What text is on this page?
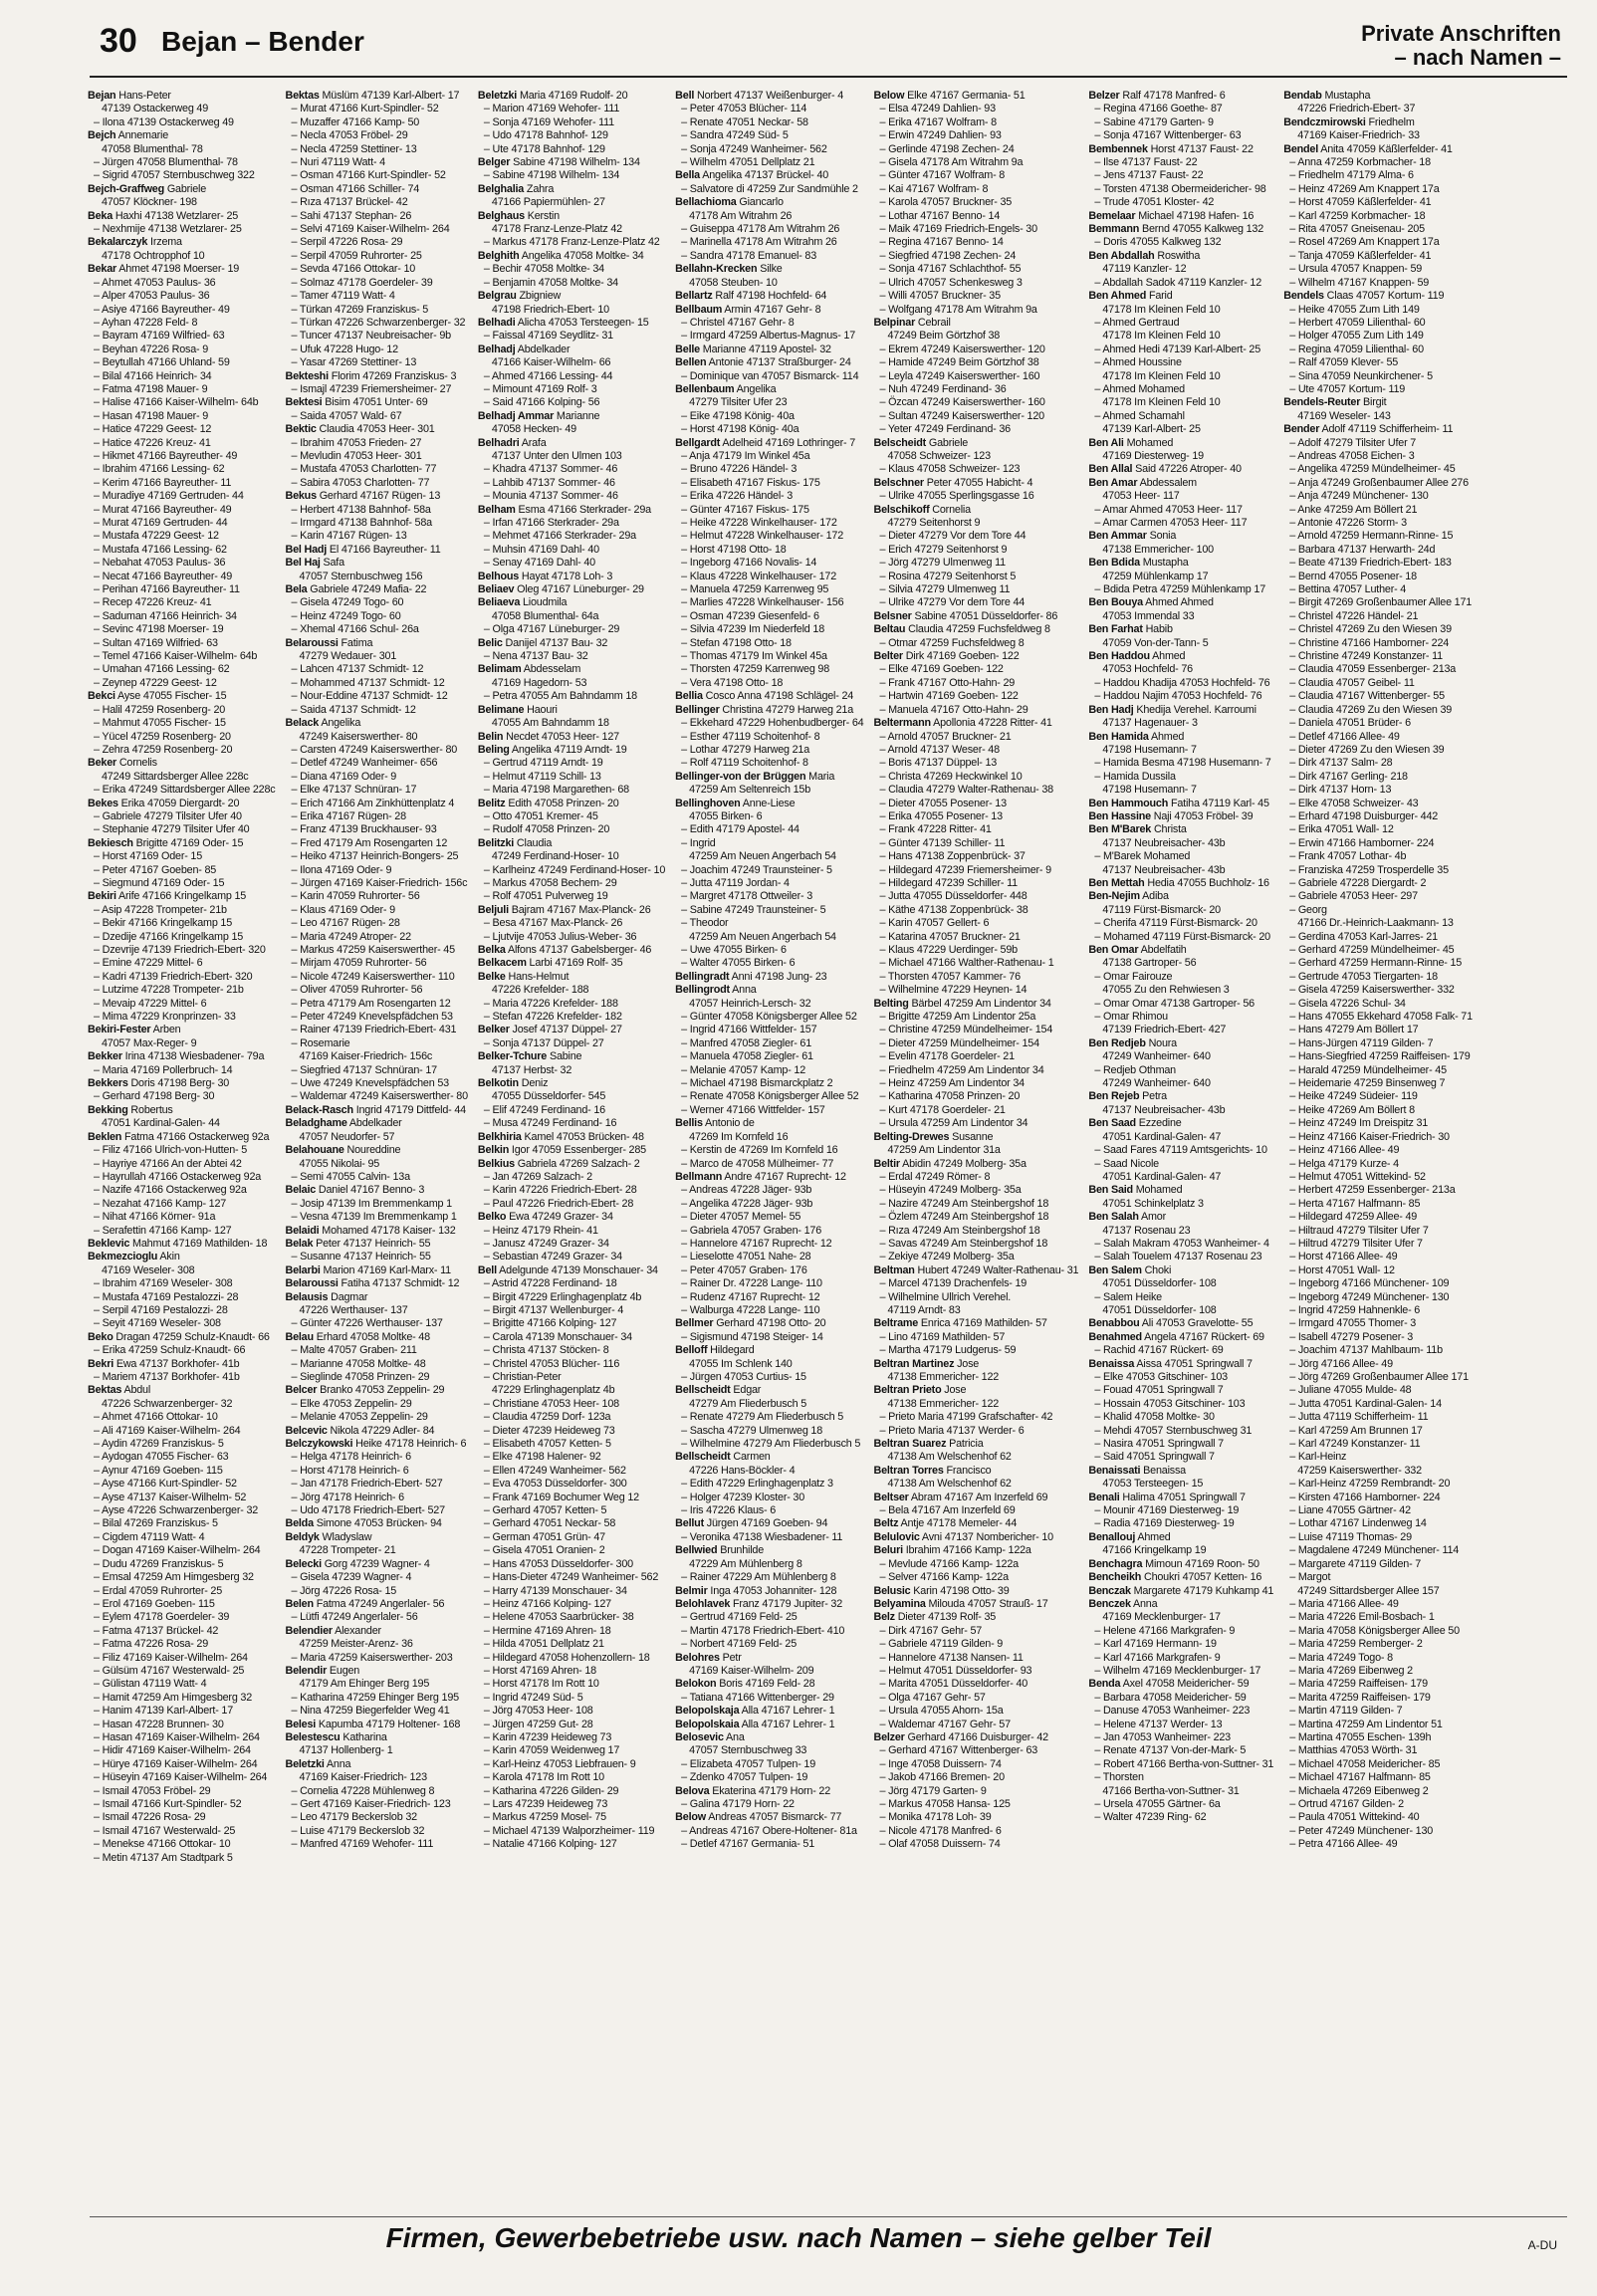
30 Bejan – Bender	Private Anschriften
– nach Namen –
Bejan Hans-Peter
47139 Ostackerweg 49
– Ilona 47139 Ostackerweg 49
Bejch Annemarie
47058 Blumenthal- 78
– Jürgen 47058 Blumenthal- 78
– Sigrid 47057 Sternbuschweg 322
Bejch-Graffweg Gabriele
47057 Klöckner- 198
Beka Haxhi 47138 Wetzlarer- 25
– Nexhmije 47138 Wetzlarer- 25
Bekalarczyk Irzema
47178 Ochtropphof 10
Bekar Ahmet 47198 Moerser- 19
– Ahmet 47053 Paulus- 36
– Alper 47053 Paulus- 36
– Asiye 47166 Bayreuther- 49
– Ayhan 47228 Feld- 8
– Bayram 47169 Wilfried- 63
– Beyhan 47226 Rosa- 9
– Beytullah 47166 Uhland- 59
– Bilal 47166 Heinrich- 34
– Fatma 47198 Mauer- 9
– Halise 47166 Kaiser-Wilhelm- 64b
– Hasan 47198 Mauer- 9
– Hatice 47229 Geest- 12
– Hatice 47226 Kreuz- 41
– Hikmet 47166 Bayreuther- 49
– Ibrahim 47166 Lessing- 62
– Kerim 47166 Bayreuther- 11
– Muradiye 47169 Gertruden- 44
– Murat 47166 Bayreuther- 49
– Murat 47169 Gertruden- 44
– Mustafa 47229 Geest- 12
– Mustafa 47166 Lessing- 62
– Nebahat 47053 Paulus- 36
– Necat 47166 Bayreuther- 49
– Perihan 47166 Bayreuther- 11
– Recep 47226 Kreuz- 41
– Saduman 47166 Heinrich- 34
– Sevinc 47198 Moerser- 19
– Sultan 47169 Wilfried- 63
– Temel 47166 Kaiser-Wilhelm- 64b
– Umahan 47166 Lessing- 62
– Zeynep 47229 Geest- 12
Bekci Ayse 47055 Fischer- 15
– Halil 47259 Rosenberg- 20
– Mahmut 47055 Fischer- 15
– Yücel 47259 Rosenberg- 20
– Zehra 47259 Rosenberg- 20
Beker Cornelis
47249 Sittardsberger Allee 228c
– Erika 47249 Sittardsberger Allee 228c
Bekes Erika 47059 Diergardt- 20
– Gabriele 47279 Tilsiter Ufer 40
– Stephanie 47279 Tilsiter Ufer 40
Bekiesch Brigitte 47169 Oder- 15
– Horst 47169 Oder- 15
– Peter 47167 Goeben- 85
– Siegmund 47169 Oder- 15
Bekiri Arife 47166 Kringelkamp 15
– Asip 47228 Trompeter- 21b
– Bekir 47166 Kringelkamp 15
– Dzedije 47166 Kringelkamp 15
– Dzevrije 47139 Friedrich-Ebert- 320
– Emine 47229 Mittel- 6
– Kadri 47139 Friedrich-Ebert- 320
– Lutzime 47228 Trompeter- 21b
– Mevaip 47229 Mittel- 6
– Mima 47229 Kronprinzen- 33
Bekiri-Fester Arben
47057 Max-Reger- 9
Bekker Irina 47138 Wiesbadener- 79a
– Maria 47169 Pollerbruch- 14
Bekkers Doris 47198 Berg- 30
– Gerhard 47198 Berg- 30
Bekking Robertus
47051 Kardinal-Galen- 44
Beklen Fatma 47166 Ostackerweg 92a
– Filiz 47166 Ulrich-von-Hutten- 5
– Hayriye 47166 An der Abtei 42
– Hayrullah 47166 Ostackerweg 92a
– Nazife 47166 Ostackerweg 92a
– Nezahat 47166 Kamp- 127
– Nihat 47166 Körner- 91a
– Serafettin 47166 Kamp- 127
Beklevic Mahmut 47169 Mathilden- 18
Bekmezcioglu Akin
47169 Weseler- 308
– Ibrahim 47169 Weseler- 308
– Mustafa 47169 Pestalozzi- 28
– Serpil 47169 Pestalozzi- 28
– Seyit 47169 Weseler- 308
Beko Dragan 47259 Schulz-Knaudt- 66
– Erika 47259 Schulz-Knaudt- 66
Bekri Ewa 47137 Borkhofer- 41b
– Mariem 47137 Borkhofer- 41b
Bektas Abdul
47226 Schwarzenberger- 32
– Ahmet 47166 Ottokar- 10
– Ali 47169 Kaiser-Wilhelm- 264
– Aydin 47269 Franziskus- 5
– Aydogan 47055 Fischer- 63
– Aynur 47169 Goeben- 115
– Ayse 47166 Kurt-Spindler- 52
– Ayse 47137 Kaiser-Wilhelm- 52
– Ayse 47226 Schwarzenberger- 32
– Bilal 47269 Franziskus- 5
– Cigdem 47119 Watt- 4
– Dogan 47169 Kaiser-Wilhelm- 264
– Dudu 47269 Franziskus- 5
– Emsal 47259 Am Himgesberg 32
– Erdal 47059 Ruhrorter- 25
– Erol 47169 Goeben- 115
– Eylem 47178 Goerdeler- 39
– Fatma 47137 Brückel- 42
– Fatma 47226 Rosa- 29
– Filiz 47169 Kaiser-Wilhelm- 264
– Gülsüm 47167 Westerwald- 25
– Gülistan 47119 Watt- 4
– Hamit 47259 Am Himgesberg 32
– Hanim 47139 Karl-Albert- 17
– Hasan 47228 Brunnen- 30
– Hasan 47169 Kaiser-Wilhelm- 264
– Hidir 47169 Kaiser-Wilhelm- 264
– Hürye 47169 Kaiser-Wilhelm- 264
– Hüseyin 47169 Kaiser-Wilhelm- 264
– Ismail 47053 Fröbel- 29
– Ismail 47166 Kurt-Spindler- 52
– Ismail 47226 Rosa- 29
– Ismail 47167 Westerwald- 25
– Menekse 47166 Ottokar- 10
– Metin 47137 Am Stadtpark 5
Bektas Müslüm 47139 Karl-Albert- 17
– Murat 47166 Kurt-Spindler- 52
– Muzaffer 47166 Kamp- 50
– Necla 47053 Fröbel- 29
– Necla 47259 Stettiner- 13
– Nuri 47119 Watt- 4
– Osman 47166 Kurt-Spindler- 52
– Osman 47166 Schiller- 74
– Rıza 47137 Brückel- 42
– Sahi 47137 Stephan- 26
– Selvi 47169 Kaiser-Wilhelm- 264
– Serpil 47226 Rosa- 29
– Serpil 47059 Ruhrorter- 25
– Sevda 47166 Ottokar- 10
– Solmaz 47178 Goerdeler- 39
– Tamer 47119 Watt- 4
– Türkan 47269 Franziskus- 5
– Türkan 47226 Schwarzenberger- 32
– Tuncer 47137 Neubreisacher- 9b
– Ufuk 47228 Hugo- 12
– Yasar 47269 Stettiner- 13
Bekteshi Florim 47269 Franziskus- 3
– Ismajl 47239 Friemersheimer- 27
Bektesi Bisim 47051 Unter- 69
– Saida 47057 Wald- 67
Bektic Claudia 47053 Heer- 301
– Ibrahim 47053 Frieden- 27
– Mevludin 47053 Heer- 301
– Mustafa 47053 Charlotten- 77
– Sabira 47053 Charlotten- 77
Bekus Gerhard 47167 Rügen- 13
– Herbert 47138 Bahnhof- 58a
– Irmgard 47138 Bahnhof- 58a
– Karin 47167 Rügen- 13
Bel Hadj El 47166 Bayreuther- 11
Bel Haj Safa
47057 Sternbuschweg 156
Bela Gabriele 47249 Mafia- 22
– Gisela 47249 Togo- 60
– Heinz 47249 Togo- 60
– Xhemal 47166 Schul- 26a
Belaroussi Fatima
47279 Wedauer- 301
– Lahcen 47137 Schmidt- 12
– Mohammed 47137 Schmidt- 12
– Nour-Eddine 47137 Schmidt- 12
– Saida 47137 Schmidt- 12
Belack Angelika
47249 Kaiserswerther- 80
– Carsten 47249 Kaiserswerther- 80
– Detlef 47249 Wanheimer- 656
– Diana 47169 Oder- 9
– Elke 47137 Schnüran- 17
– Erich 47166 Am Zinkhüttenplatz 4
– Erika 47167 Rügen- 28
– Franz 47139 Bruckhauser- 93
– Fred 47179 Am Rosengarten 12
– Heiko 47137 Heinrich-Bongers- 25
– Ilona 47169 Oder- 9
– Jürgen 47169 Kaiser-Friedrich- 156c
– Karin 47059 Ruhrorter- 56
– Klaus 47169 Oder- 9
– Leo 47167 Rügen- 28
– Maria 47249 Atroper- 22
– Markus 47259 Kaiserswerther- 45
– Mirjam 47059 Ruhrorter- 56
– Nicole 47249 Kaiserswerther- 110
– Oliver 47059 Ruhrorter- 56
– Petra 47179 Am Rosengarten 12
– Peter 47249 Knevelspfädchen 53
– Rainer 47139 Friedrich-Ebert- 431
– Rosemarie
47169 Kaiser-Friedrich- 156c
– Siegfried 47137 Schnüran- 17
– Uwe 47249 Knevelspfädchen 53
– Waldemar 47249 Kaiserswerther- 80
Belack-Rasch Ingrid 47179 Dittfeld- 44
Beladghame Abdelkader
47057 Neudorfer- 57
Belahouane Noureddine
47055 Nikolai- 95
– Semi 47055 Calvin- 13a
Belaic Daniel 47167 Benno- 3
– Josip 47139 Im Bremmenkamp 1
– Vesna 47139 Im Bremmenkamp 1
Belaidi Mohamed 47178 Kaiser- 132
Belak Peter 47137 Heinrich- 55
– Susanne 47137 Heinrich- 55
Belarbi Marion 47169 Karl-Marx- 11
Belaroussi Fatiha 47137 Schmidt- 12
Belausis Dagmar
47226 Werthauser- 137
– Günter 47226 Werthauser- 137
Belau Erhard 47058 Moltke- 48
– Malte 47057 Graben- 211
– Marianne 47058 Moltke- 48
– Sieglinde 47058 Prinzen- 29
Belcer Branko 47053 Zeppelin- 29
– Elke 47053 Zeppelin- 29
– Melanie 47053 Zeppelin- 29
Belcevic Nikola 47229 Adler- 84
Belczykowski Heike 47178 Heinrich- 6
– Helga 47178 Heinrich- 6
– Horst 47178 Heinrich- 6
– Jan 47178 Friedrich-Ebert- 527
– Jörg 47178 Heinrich- 6
– Udo 47178 Friedrich-Ebert- 527
Belda Simone 47053 Brücken- 94
Beldyk Wladyslaw
47228 Trompeter- 21
Belecki Gorg 47239 Wagner- 4
– Gisela 47239 Wagner- 4
– Jörg 47226 Rosa- 15
Belen Fatma 47249 Angerlaler- 56
– Lütfi 47249 Angerlaler- 56
Belendier Alexander
47259 Meister-Arenz- 36
– Maria 47259 Kaiserswerther- 203
Belendir Eugen
47179 Am Ehinger Berg 195
– Katharina 47259 Ehinger Berg 195
– Nina 47259 Biegerfelder Weg 41
Belesi Kapumba 47179 Holtener- 168
Belestescu Katharina
47137 Hollenberg- 1
Beletzki Anna
47169 Kaiser-Friedrich- 123
– Cornelia 47228 Mühlenweg 8
– Gert 47169 Kaiser-Friedrich- 123
– Leo 47179 Beckerslob 32
– Luise 47179 Beckerslob 32
– Manfred 47169 Wehofer- 111
Beletzki Maria 47169 Rudolf- 20
– Marion 47169 Wehofer- 111
– Sonja 47169 Wehofer- 111
– Udo 47178 Bahnhof- 129
– Ute 47178 Bahnhof- 129
Belger Sabine 47198 Wilhelm- 134
– Sabine 47198 Wilhelm- 134
Belghalia Zahra
47166 Papiermühlen- 27
Belghaus Kerstin
47178 Franz-Lenze-Platz 42
– Markus 47178 Franz-Lenze-Platz 42
Belghith Angelika 47058 Moltke- 34
– Bechir 47058 Moltke- 34
– Benjamin 47058 Moltke- 34
Belgrau Zbigniew
47198 Friedrich-Ebert- 10
Belhadi Alicha 47053 Tersteegen- 15
– Faissal 47169 Seydlitz- 31
Belhadj Abdelkader
47166 Kaiser-Wilhelm- 66
– Ahmed 47166 Lessing- 44
– Mimount 47169 Rolf- 3
– Said 47166 Kolping- 56
Belhadj Ammar Marianne
47058 Hecken- 49
Belhadri Arafa
47137 Unter den Ulmen 103
– Khadra 47137 Sommer- 46
– Lahbib 47137 Sommer- 46
– Mounia 47137 Sommer- 46
Belham Esma 47166 Sterkrader- 29a
– Irfan 47166 Sterkrader- 29a
– Mehmet 47166 Sterkrader- 29a
– Muhsin 47169 Dahl- 40
– Senay 47169 Dahl- 40
Belhous Hayat 47178 Loh- 3
Beliaev Oleg 47167 Lüneburger- 29
Beliaeva Lioudmila
47058 Blumenthal- 64a
– Olga 47167 Lüneburger- 29
Belic Danijel 47137 Bau- 32
– Nena 47137 Bau- 32
Belimam Abdesselam
47169 Hagedorn- 53
– Petra 47055 Am Bahndamm 18
Belimane Haouri
47055 Am Bahndamm 18
Belin Necdet 47053 Heer- 127
Beling Angelika 47119 Arndt- 19
– Gertrud 47119 Arndt- 19
– Helmut 47119 Schill- 13
– Maria 47198 Margarethen- 68
Belitz Edith 47058 Prinzen- 20
– Otto 47051 Kremer- 45
– Rudolf 47058 Prinzen- 20
Belitzki Claudia
47249 Ferdinand-Hoser- 10
– Karlheinz 47249 Ferdinand-Hoser- 10
– Markus 47058 Bechem- 29
– Rolf 47051 Pulverweg 19
Beljuli Bajram 47167 Max-Planck- 26
– Besa 47167 Max-Planck- 26
– Ljutvije 47053 Julius-Weber- 36
Belka Alfons 47137 Gabelsberger- 46
Belkacem Larbi 47169 Rolf- 35
Belke Hans-Helmut
47226 Krefelder- 188
– Maria 47226 Krefelder- 188
– Stefan 47226 Krefelder- 182
Belker Josef 47137 Düppel- 27
– Sonja 47137 Düppel- 27
Belker-Tchure Sabine
47137 Herbst- 32
Belkotin Deniz
47055 Düsseldorfer- 545
– Elif 47249 Ferdinand- 16
– Musa 47249 Ferdinand- 16
Belkhiria Kamel 47053 Brücken- 48
Belkin Igor 47059 Essenberger- 285
Belkius Gabriela 47269 Salzach- 2
– Jan 47269 Salzach- 2
– Karin 47226 Friedrich-Ebert- 28
– Paul 47226 Friedrich-Ebert- 28
Belko Ewa 47249 Grazer- 34
– Heinz 47179 Rhein- 41
– Janusz 47249 Grazer- 34
– Sebastian 47249 Grazer- 34
Bell Adelgunde 47139 Monschauer- 34
– Astrid 47228 Ferdinand- 18
– Birgit 47229 Erlinghagenplatz 4b
– Birgit 47137 Wellenburger- 4
– Brigitte 47166 Kolping- 127
– Carola 47139 Monschauer- 34
– Christa 47137 Stöcken- 8
– Christel 47053 Blücher- 116
– Christian-Peter
47229 Erlinghagenplatz 4b
– Christiane 47053 Heer- 108
– Claudia 47259 Dorf- 123a
– Dieter 47239 Heideweg 73
– Elisabeth 47057 Ketten- 5
– Elke 47198 Halener- 92
– Ellen 47249 Wanheimer- 562
– Eva 47053 Düsseldorfer- 300
– Frank 47169 Bochumer Weg 12
– Gerhard 47057 Ketten- 5
– Gerhard 47051 Neckar- 58
– German 47051 Grün- 47
– Gisela 47051 Oranien- 2
– Hans 47053 Düsseldorfer- 300
– Hans-Dieter 47249 Wanheimer- 562
– Harry 47139 Monschauer- 34
– Heinz 47166 Kolping- 127
– Helene 47053 Saarbrücker- 38
– Hermine 47169 Ahren- 18
– Hilda 47051 Dellplatz 21
– Hildegard 47058 Hohenzollern- 18
– Horst 47169 Ahren- 18
– Horst 47178 Im Rott 10
– Ingrid 47249 Süd- 5
– Jörg 47053 Heer- 108
– Jürgen 47259 Gut- 28
– Karin 47239 Heideweg 73
– Karin 47059 Weidenweg 17
– Karl-Heinz 47053 Liebfrauen- 9
– Karola 47178 Im Rott 10
– Katharina 47226 Gilden- 29
– Lars 47239 Heideweg 73
– Markus 47259 Mosel- 75
– Michael 47139 Walporzheimer- 119
– Natalie 47166 Kolping- 127
Bell Norbert 47137 Weißenburger- 4
– Peter 47053 Blücher- 114
– Renate 47051 Neckar- 58
– Sandra 47249 Süd- 5
– Sonja 47249 Wanheimer- 562
– Wilhelm 47051 Dellplatz 21
Bella Angelika 47137 Brückel- 40
– Salvatore di 47259 Zur Sandmühle 2
Bellachioma Giancarlo
47178 Am Witrahm 26
– Guiseppa 47178 Am Witrahm 26
– Marinella 47178 Am Witrahm 26
– Sandra 47178 Emanuel- 83
Bellahn-Krecken Silke
47058 Steuben- 10
Bellartz Ralf 47198 Hochfeld- 64
Bellbaum Armin 47167 Gehr- 8
– Christel 47167 Gehr- 8
– Irmgard 47259 Albertus-Magnus- 17
Belle Marianne 47119 Apostel- 32
Bellen Antonie 47137 Straßburger- 24
– Dominique van 47057 Bismarck- 114
Bellenbaum Angelika
47279 Tilsiter Ufer 23
– Eike 47198 König- 40a
– Horst 47198 König- 40a
Bellgardt Adelheid 47169 Lothringer- 7
– Anja 47179 Im Winkel 45a
– Bruno 47226 Händel- 3
– Elisabeth 47167 Fiskus- 175
– Erika 47226 Händel- 3
– Günter 47167 Fiskus- 175
– Heike 47228 Winkelhauser- 172
– Helmut 47228 Winkelhauser- 172
– Horst 47198 Otto- 18
– Ingeborg 47166 Novalis- 14
– Klaus 47228 Winkelhauser- 172
– Manuela 47259 Karrenweg 95
– Marlies 47228 Winkelhauser- 156
– Osman 47239 Giesenfeld- 6
– Silvia 47239 Im Niederfeld 18
– Stefan 47198 Otto- 18
– Thomas 47179 Im Winkel 45a
– Thorsten 47259 Karrenweg 98
– Vera 47198 Otto- 18
Bellia Cosco Anna 47198 Schlägel- 24
Bellinger Christina 47279 Harweg 21a
– Ekkehard 47229 Hohenbudberger- 64
– Esther 47119 Schoitenhof- 8
– Lothar 47279 Harweg 21a
– Rolf 47119 Schoitenhof- 8
Bellinger-von der Brüggen Maria
47259 Am Seltenreich 15b
Bellinghoven Anne-Liese
47055 Birken- 6
– Edith 47179 Apostel- 44
– Ingrid
47259 Am Neuen Angerbach 54
– Joachim 47249 Traunsteiner- 5
– Jutta 47119 Jordan- 4
– Margret 47178 Ottweiler- 3
– Sabine 47249 Traunsteiner- 5
– Theodor
47259 Am Neuen Angerbach 54
– Uwe 47055 Birken- 6
– Walter 47055 Birken- 6
Bellingradt Anni 47198 Jung- 23
Bellingrodt Anna
47057 Heinrich-Lersch- 32
– Günter 47058 Königsberger Allee 52
– Ingrid 47166 Wittfelder- 157
– Manfred 47058 Ziegler- 61
– Manuela 47058 Ziegler- 61
– Melanie 47057 Kamp- 12
– Michael 47198 Bismarckplatz 2
– Renate 47058 Königsberger Allee 52
– Werner 47166 Wittfelder- 157
Bellis Antonio de
47269 Im Kornfeld 16
– Kerstin de 47269 Im Kornfeld 16
– Marco de 47058 Mülheimer- 77
Bellmann Andre 47167 Ruprecht- 12
– Andreas 47228 Jäger- 93b
– Angelika 47228 Jäger- 93b
– Dieter 47057 Memel- 55
– Gabriela 47057 Graben- 176
– Hannelore 47167 Ruprecht- 12
– Lieselotte 47051 Nahe- 28
– Peter 47057 Graben- 176
– Rainer Dr. 47228 Lange- 110
– Rudenz 47167 Ruprecht- 12
– Walburga 47228 Lange- 110
Bellmer Gerhard 47198 Otto- 20
– Sigismund 47198 Steiger- 14
Belloff Hildegard
47055 Im Schlenk 140
– Jürgen 47053 Curtius- 15
Bellscheidt Edgar
47279 Am Fliederbusch 5
– Renate 47279 Am Fliederbusch 5
– Sascha 47279 Ulmenweg 18
– Wilhelmine 47279 Am Fliederbusch 5
Bellscheidt Carmen
47226 Hans-Böckler- 4
– Edith 47229 Erlinghagenplatz 3
– Holger 47239 Kloster- 30
– Iris 47226 Klaus- 6
Bellut Jürgen 47169 Goeben- 94
– Veronika 47138 Wiesbadener- 11
Bellwied Brunhilde
47229 Am Mühlenberg 8
– Rainer 47229 Am Mühlenberg 8
Belmir Inga 47053 Johanniter- 128
Belohlavek Franz 47179 Jupiter- 32
– Gertrud 47169 Feld- 25
– Martin 47178 Friedrich-Ebert- 410
– Norbert 47169 Feld- 25
Belohres Petr
47169 Kaiser-Wilhelm- 209
Belokon Boris 47169 Feld- 28
– Tatiana 47166 Wittenberger- 29
Belopolskaja Alla 47167 Lehrer- 1
Belopolskaia Alla 47167 Lehrer- 1
Belosevic Ana
47057 Sternbuschweg 33
– Elizabeta 47057 Tulpen- 19
– Zdenko 47057 Tulpen- 19
Belova Ekaterina 47179 Horn- 22
– Galina 47179 Horn- 22
Below Andreas 47057 Bismarck- 77
– Andreas 47167 Obere-Holtener- 81a
– Detlef 47167 Germania- 51
Below Elke 47167 Germania- 51
– Elsa 47249 Dahlien- 93
– Erika 47167 Wolfram- 8
– Erwin 47249 Dahlien- 93
– Gerlinde 47198 Zechen- 24
– Gisela 47178 Am Witrahm 9a
– Günter 47167 Wolfram- 8
– Kai 47167 Wolfram- 8
– Karola 47057 Bruckner- 35
– Lothar 47167 Benno- 14
– Maik 47169 Friedrich-Engels- 30
– Regina 47167 Benno- 14
– Siegfried 47198 Zechen- 24
– Sonja 47167 Schlachthof- 55
– Ulrich 47057 Schenkesweg 3
– Willi 47057 Bruckner- 35
– Wolfgang 47178 Am Witrahm 9a
Belpinar Cebrail
47249 Beim Görtzhof 38
– Ekrem 47249 Kaiserswerther- 120
– Hamide 47249 Beim Görtzhof 38
– Leyla 47249 Kaiserswerther- 160
– Nuh 47249 Ferdinand- 36
– Özcan 47249 Kaiserswerther- 160
– Sultan 47249 Kaiserswerther- 120
– Yeter 47249 Ferdinand- 36
Belscheidt Gabriele
47058 Schweizer- 123
– Klaus 47058 Schweizer- 123
Belschner Peter 47055 Habicht- 4
– Ulrike 47055 Sperlingsgasse 16
Belschikoff Cornelia
47279 Seitenhorst 9
– Dieter 47279 Vor dem Tore 44
– Erich 47279 Seitenhorst 9
– Jörg 47279 Ulmenweg 11
– Rosina 47279 Seitenhorst 5
– Silvia 47279 Ulmenweg 11
– Ulrike 47279 Vor dem Tore 44
Belsner Sabine 47051 Düsseldorfer- 86
Beltau Claudia 47259 Fuchsfeldweg 8
– Otmar 47259 Fuchsfeldweg 8
Belter Dirk 47169 Goeben- 122
– Elke 47169 Goeben- 122
– Frank 47167 Otto-Hahn- 29
– Hartwin 47169 Goeben- 122
– Manuela 47167 Otto-Hahn- 29
Beltermann Apollonia 47228 Ritter- 41
– Arnold 47057 Bruckner- 21
– Arnold 47137 Weser- 48
– Boris 47137 Düppel- 13
– Christa 47269 Heckwinkel 10
– Claudia 47279 Walter-Rathenau- 38
– Dieter 47055 Posener- 13
– Erika 47055 Posener- 13
– Frank 47228 Ritter- 41
– Günter 47139 Schiller- 11
– Hans 47138 Zoppenbrück- 37
– Hildegard 47239 Friemersheimer- 9
– Hildegard 47239 Schiller- 11
– Jutta 47055 Düsseldorfer- 448
– Käthe 47138 Zoppenbrück- 38
– Karin 47057 Gellert- 6
– Katarina 47057 Bruckner- 21
– Klaus 47229 Uerdinger- 59b
– Michael 47166 Walther-Rathenau- 1
– Thorsten 47057 Kammer- 76
– Wilhelmine 47229 Heynen- 14
Belting Bärbel 47259 Am Lindentor 34
– Brigitte 47259 Am Lindentor 25a
– Christine 47259 Mündelheimer- 154
– Dieter 47259 Mündelheimer- 154
– Evelin 47178 Goerdeler- 21
– Friedhelm 47259 Am Lindentor 34
– Heinz 47259 Am Lindentor 34
– Katharina 47058 Prinzen- 20
– Kurt 47178 Goerdeler- 21
– Ursula 47259 Am Lindentor 34
Belting-Drewes Susanne
47259 Am Lindentor 31a
Beltir Abidin 47249 Molberg- 35a
– Erdal 47249 Römer- 8
– Hüseyin 47249 Molberg- 35a
– Nazire 47249 Am Steinbergshof 18
– Özlem 47249 Am Steinbergshof 18
– Rıza 47249 Am Steinbergshof 18
– Savas 47249 Am Steinbergshof 18
– Zekiye 47249 Molberg- 35a
Beltman Hubert 47249 Walter-Rathenau- 31
– Marcel 47139 Drachenfels- 19
– Wilhelmine Ullrich Verehel.
47119 Arndt- 83
Beltrame Enrica 47169 Mathilden- 57
– Lino 47169 Mathilden- 57
– Martha 47179 Ludgerus- 59
Beltran Martinez Jose
47138 Emmericher- 122
Beltran Prieto Jose
47138 Emmericher- 122
– Prieto Maria 47199 Grafschafter- 42
– Prieto Maria 47137 Werder- 6
Beltran Suarez Patricia
47138 Am Welschenhof 62
Beltran Torres Francisco
47138 Am Welschenhof 62
Beltser Abram 47167 Am Inzerfeld 69
– Bela 47167 Am Inzerfeld 69
Beltz Antje 47178 Memeler- 44
Belulovic Avni 47137 Nombericher- 10
Beluri Ibrahim 47166 Kamp- 122a
– Mevlude 47166 Kamp- 122a
– Selver 47166 Kamp- 122a
Belusic Karin 47198 Otto- 39
Belyamina Milouda 47057 Strauß- 17
Belz Dieter 47139 Rolf- 35
– Dirk 47167 Gehr- 57
– Gabriele 47119 Gilden- 9
– Hannelore 47138 Nansen- 11
– Helmut 47051 Düsseldorfer- 93
– Marita 47051 Düsseldorfer- 40
– Olga 47167 Gehr- 57
– Ursula 47055 Ahorn- 15a
– Waldemar 47167 Gehr- 57
Belzer Gerhard 47166 Duisburger- 42
– Gerhard 47167 Wittenberger- 63
– Inge 47058 Duissern- 74
– Jakob 47166 Bremen- 20
– Jörg 47179 Garten- 9
– Markus 47058 Hansa- 125
– Monika 47178 Loh- 39
– Nicole 47178 Manfred- 6
– Olaf 47058 Duissern- 74
Belzer Ralf 47178 Manfred- 6
– Regina 47166 Goethe- 87
– Sabine 47179 Garten- 9
– Sonja 47167 Wittenberger- 63
Bembennek Horst 47137 Faust- 22
– Ilse 47137 Faust- 22
– Jens 47137 Faust- 22
– Torsten 47138 Obermeidericher- 98
– Trude 47051 Kloster- 42
Bemelaar Michael 47198 Hafen- 16
Bemmann Bernd 47055 Kalkweg 132
– Doris 47055 Kalkweg 132
Ben Abdallah Roswitha
47119 Kanzler- 12
– Abdallah Sadok 47119 Kanzler- 12
Ben Ahmed Farid
47178 Im Kleinen Feld 10
– Ahmed Gertraud
47178 Im Kleinen Feld 10
– Ahmed Hedi 47139 Karl-Albert- 25
– Ahmed Houssine
47178 Im Kleinen Feld 10
– Ahmed Mohamed
47178 Im Kleinen Feld 10
– Ahmed Schamahl
47139 Karl-Albert- 25
Ben Ali Mohamed
47169 Diesterweg- 19
Ben Allal Said 47226 Atroper- 40
Ben Amar Abdessalem
47053 Heer- 117
– Amar Ahmed 47053 Heer- 117
– Amar Carmen 47053 Heer- 117
Ben Ammar Sonia
47138 Emmericher- 100
Ben Bdida Mustapha
47259 Mühlenkamp 17
– Bdida Petra 47259 Mühlenkamp 17
Ben Bouya Ahmed Ahmed
47053 Immendal 33
Ben Farhat Habib
47059 Von-der-Tann- 5
Ben Haddou Ahmed
47053 Hochfeld- 76
– Haddou Khadija 47053 Hochfeld- 76
– Haddou Najim 47053 Hochfeld- 76
Ben Hadj Khedija Verehel. Karroumi
47137 Hagenauer- 3
Ben Hamida Ahmed
47198 Husemann- 7
– Hamida Besma 47198 Husemann- 7
– Hamida Dussila
47198 Husemann- 7
Ben Hammouch Fatiha 47119 Karl- 45
Ben Hassine Naji 47053 Fröbel- 39
Ben M'Barek Christa
47137 Neubreisacher- 43b
– M'Barek Mohamed
47137 Neubreisacher- 43b
Ben Mettah Hedia 47055 Buchholz- 16
Ben-Nejim Adiba
47119 Fürst-Bismarck- 20
– Cherifa 47119 Fürst-Bismarck- 20
– Mohamed 47119 Fürst-Bismarck- 20
Ben Omar Abdelfatih
47138 Gartroper- 56
– Omar Fairouze
47055 Zu den Rehwiesen 3
– Omar Omar 47138 Gartroper- 56
– Omar Rhimou
47139 Friedrich-Ebert- 427
Ben Redjeb Noura
47249 Wanheimer- 640
– Redjeb Othman
47249 Wanheimer- 640
Ben Rejeb Petra
47137 Neubreisacher- 43b
Ben Saad Ezzedine
47051 Kardinal-Galen- 47
– Saad Fares 47119 Amtsgerichts- 10
– Saad Nicole
47051 Kardinal-Galen- 47
Ben Said Mohamed
47051 Schinkelplatz 3
Ben Salah Amor
47137 Rosenau 23
– Salah Makram 47053 Wanheimer- 4
– Salah Touelem 47137 Rosenau 23
Ben Salem Choki
47051 Düsseldorfer- 108
– Salem Heike
47051 Düsseldorfer- 108
Benabbou Ali 47053 Gravelotte- 55
Benahmed Angela 47167 Rückert- 69
– Rachid 47167 Rückert- 69
Benaissa Aissa 47051 Springwall 7
– Elke 47053 Gitschiner- 103
– Fouad 47051 Springwall 7
– Hossain 47053 Gitschiner- 103
– Khalid 47058 Moltke- 30
– Mehdi 47057 Sternbuschweg 31
– Nasira 47051 Springwall 7
– Said 47051 Springwall 7
Benaissati Benaissa
47053 Tersteegen- 15
Benali Halima 47051 Springwall 7
– Mounir 47169 Diesterweg- 19
– Radia 47169 Diesterweg- 19
Benallouj Ahmed
47166 Kringelkamp 19
Benchagra Mimoun 47169 Roon- 50
Bencheikh Choukri 47057 Ketten- 16
Benczak Margarete 47179 Kuhkamp 41
Benczek Anna
47169 Mecklenburger- 17
– Helene 47166 Markgrafen- 9
– Karl 47169 Hermann- 19
– Karl 47166 Markgrafen- 9
– Wilhelm 47169 Mecklenburger- 17
Benda Axel 47058 Meidericher- 59
– Barbara 47058 Meidericher- 59
– Danuse 47053 Wanheimer- 223
– Helene 47137 Werder- 13
– Jan 47053 Wanheimer- 223
– Renate 47137 Von-der-Mark- 5
– Robert 47166 Bertha-von-Suttner- 31
– Thorsten
47166 Bertha-von-Suttner- 31
– Ursela 47055 Gärtner- 6a
– Walter 47239 Ring- 62
Bendab Mustapha
47226 Friedrich-Ebert- 37
Bendczmirowski Friedhelm
47169 Kaiser-Friedrich- 33
Bendel Anita 47059 Käßlerfelder- 41
– Anna 47259 Korbmacher- 18
– Friedhelm 47179 Alma- 6
– Heinz 47269 Am Knappert 17a
– Horst 47059 Käßlerfelder- 41
– Karl 47259 Korbmacher- 18
– Rita 47057 Gneisenau- 205
– Rosel 47269 Am Knappert 17a
– Tanja 47059 Käßlerfelder- 41
– Ursula 47057 Knappen- 59
– Wilhelm 47167 Knappen- 59
Bendels Claas 47057 Kortum- 119
– Heike 47055 Zum Lith 149
– Herbert 47059 Lilienthal- 60
– Holger 47055 Zum Lith 149
– Regina 47059 Lilienthal- 60
– Ralf 47059 Klever- 55
– Sina 47059 Neunkirchener- 5
– Ute 47057 Kortum- 119
Bendels-Reuter Birgit
47169 Weseler- 143
Bender Adolf 47119 Schifferheim- 11
– Adolf 47279 Tilsiter Ufer 7
– Andreas 47058 Eichen- 3
– Angelika 47259 Mündelheimer- 45
– Anja 47249 Großenbaumer Allee 276
– Anja 47249 Münchener- 130
– Anke 47259 Am Böllert 21
– Antonie 47226 Storm- 3
– Arnold 47259 Hermann-Rinne- 15
– Barbara 47137 Herwarth- 24d
– Beate 47139 Friedrich-Ebert- 183
– Bernd 47055 Posener- 18
– Bettina 47057 Luther- 4
– Birgit 47269 Großenbaumer Allee 171
– Christel 47226 Händel- 21
– Christel 47269 Zu den Wiesen 39
– Christine 47166 Hamborner- 224
– Christine 47249 Konstanzer- 11
– Claudia 47059 Essenberger- 213a
– Claudia 47057 Geibel- 11
– Claudia 47167 Wittenberger- 55
– Claudia 47269 Zu den Wiesen 39
– Daniela 47051 Brüder- 6
– Detlef 47166 Allee- 49
– Dieter 47269 Zu den Wiesen 39
– Dirk 47137 Salm- 28
– Dirk 47167 Gerling- 218
– Dirk 47137 Horn- 13
– Elke 47058 Schweizer- 43
– Erhard 47198 Duisburger- 442
– Erika 47051 Wall- 12
– Erwin 47166 Hamborner- 224
– Frank 47057 Lothar- 4b
– Franziska 47259 Trosperdelle 35
– Gabriele 47228 Diergardt- 2
– Gabriele 47053 Heer- 297
– Georg
47166 Dr.-Heinrich-Laakmann- 13
– Gerdina 47053 Karl-Jarres- 21
– Gerhard 47259 Mündelheimer- 45
– Gerhard 47259 Hermann-Rinne- 15
– Gertrude 47053 Tiergarten- 18
– Gisela 47259 Kaiserswerther- 332
– Gisela 47226 Schul- 34
– Hans 47055 Ekkehard 47058 Falk- 71
– Hans 47279 Am Böllert 17
– Hans-Jürgen 47119 Gilden- 7
– Hans-Siegfried 47259 Raiffeisen- 179
– Harald 47259 Mündelheimer- 45
– Heidemarie 47259 Binsenweg 7
– Heike 47249 Südeier- 119
– Heike 47269 Am Böllert 8
– Heinz 47249 Im Dreispitz 31
– Heinz 47166 Kaiser-Friedrich- 30
– Heinz 47166 Allee- 49
– Helga 47179 Kurze- 4
– Helmut 47051 Wittekind- 52
– Herbert 47259 Essenberger- 213a
– Herta 47167 Halfmann- 85
– Hildegard 47259 Allee- 49
– Hiltraud 47279 Tilsiter Ufer 7
– Hiltrud 47279 Tilsiter Ufer 7
– Horst 47166 Allee- 49
– Horst 47051 Wall- 12
– Ingeborg 47166 Münchener- 109
– Ingeborg 47249 Münchener- 130
– Ingrid 47259 Hahnenkle- 6
– Irmgard 47055 Thomer- 3
– Isabell 47279 Posener- 3
– Joachim 47137 Mahlbaum- 11b
– Jörg 47166 Allee- 49
– Jörg 47269 Großenbaumer Allee 171
– Juliane 47055 Mulde- 48
– Jutta 47051 Kardinal-Galen- 14
– Jutta 47119 Schifferheim- 11
– Karl 47259 Am Brunnen 17
– Karl 47249 Konstanzer- 11
– Karl-Heinz
47259 Kaiserswerther- 332
– Karl-Heinz 47259 Rembrandt- 20
– Kirsten 47166 Hamborner- 224
– Liane 47055 Gärtner- 42
– Lothar 47167 Lindenweg 14
– Luise 47119 Thomas- 29
– Magdalene 47249 Münchener- 114
– Margarete 47119 Gilden- 7
– Margot
47249 Sittardsberger Allee 157
– Maria 47166 Allee- 49
– Maria 47226 Emil-Bosbach- 1
– Maria 47058 Königsberger Allee 50
– Maria 47259 Remberger- 2
– Maria 47249 Togo- 8
– Maria 47269 Eibenweg 2
– Maria 47259 Raiffeisen- 179
– Marita 47259 Raiffeisen- 179
– Martin 47119 Gilden- 7
– Martina 47259 Am Lindentor 51
– Martina 47055 Eschen- 139h
– Matthias 47053 Wörth- 31
– Michael 47058 Meidericher- 85
– Michael 47167 Halfmann- 85
– Michaela 47269 Eibenweg 2
– Ortrud 47167 Gilden- 2
– Paula 47051 Wittekind- 40
– Peter 47249 Münchener- 130
– Petra 47166 Allee- 49
Firmen, Gewerbebetriebe usw. nach Namen – siehe gelber Teil	A-DU
